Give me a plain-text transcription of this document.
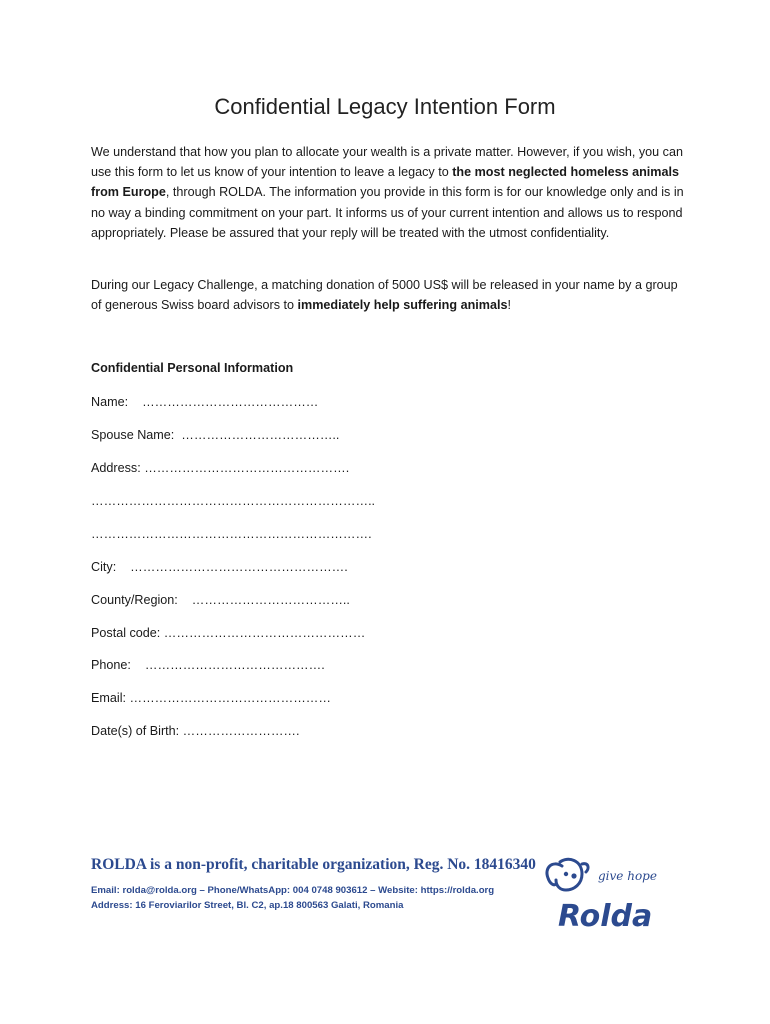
Confidential Legacy Intention Form
We understand that how you plan to allocate your wealth is a private matter. However, if you wish, you can use this form to let us know of your intention to leave a legacy to the most neglected homeless animals from Europe, through ROLDA. The information you provide in this form is for our knowledge only and is in no way a binding commitment on your part. It informs us of your current intention and allows us to respond appropriately. Please be assured that your reply will be treated with the utmost confidentiality.
During our Legacy Challenge, a matching donation of 5000 US$ will be released in your name by a group of generous Swiss board advisors to immediately help suffering animals!
Confidential Personal Information
Name:    ……………………………………
Spouse Name:  ………………………………..
Address: ………………………………………….
…………………………………………………………..
………………………………………………………….
City:    …………………………………………….
County/Region:    ………………………………..
Postal code: …………………………………………
Phone:    …………………………………….
Email: …………………………………………
Date(s) of Birth: ……………………….
ROLDA is a non-profit, charitable organization, Reg. No. 18416340
Email: rolda@rolda.org – Phone/WhatsApp: 004 0748 903612 – Website: https://rolda.org
Address: 16 Feroviarilor Street, Bl. C2, ap.18 800563 Galati, Romania
give hope
Rolda
